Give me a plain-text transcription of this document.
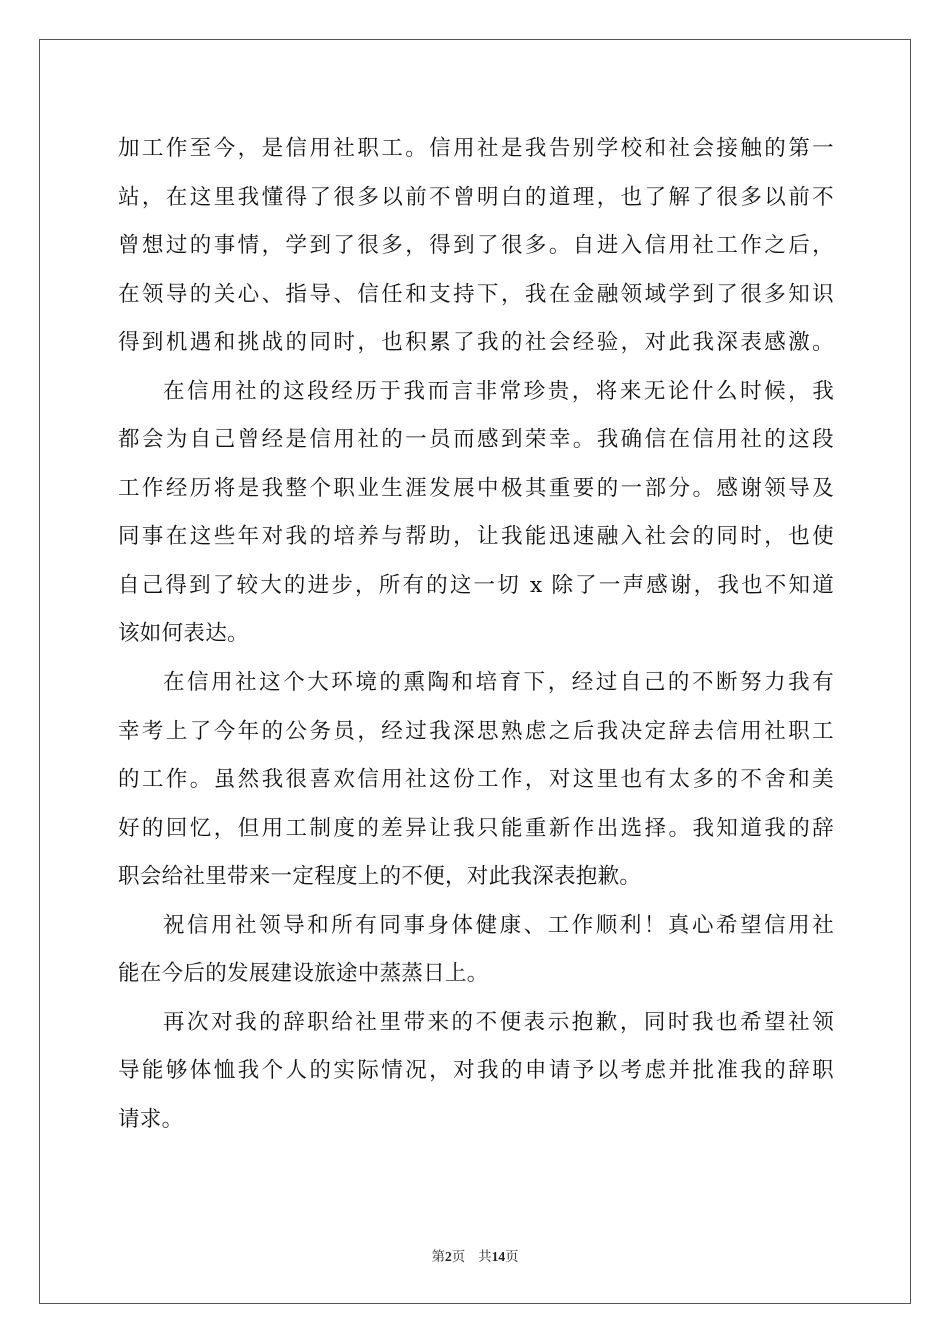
加工作至今，是信用社职工。信用社是我告别学校和社会接触的第一
站，在这里我懂得了很多以前不曾明白的道理，也了解了很多以前不
曾想过的事情，学到了很多，得到了很多。自进入信用社工作之后，
在领导的关心、指导、信任和支持下，我在金融领域学到了很多知识
得到机遇和挑战的同时，也积累了我的社会经验，对此我深表感激。
在信用社的这段经历于我而言非常珍贵，将来无论什么时候，我
都会为自己曾经是信用社的一员而感到荣幸。我确信在信用社的这段
工作经历将是我整个职业生涯发展中极其重要的一部分。感谢领导及
同事在这些年对我的培养与帮助，让我能迅速融入社会的同时，也使
自己得到了较大的进步，所有的这一切 x 除了一声感谢，我也不知道
该如何表达。
在信用社这个大环境的熏陶和培育下，经过自己的不断努力我有
幸考上了今年的公务员，经过我深思熟虑之后我决定辞去信用社职工
的工作。虽然我很喜欢信用社这份工作，对这里也有太多的不舍和美
好的回忆，但用工制度的差异让我只能重新作出选择。我知道我的辞
职会给社里带来一定程度上的不便，对此我深表抱歉。
祝信用社领导和所有同事身体健康、工作顺利！真心希望信用社
能在今后的发展建设旅途中蒸蒸日上。
再次对我的辞职给社里带来的不便表示抱歉，同时我也希望社领
导能够体恤我个人的实际情况，对我的申请予以考虑并批准我的辞职
请求。
第2页 共14页
